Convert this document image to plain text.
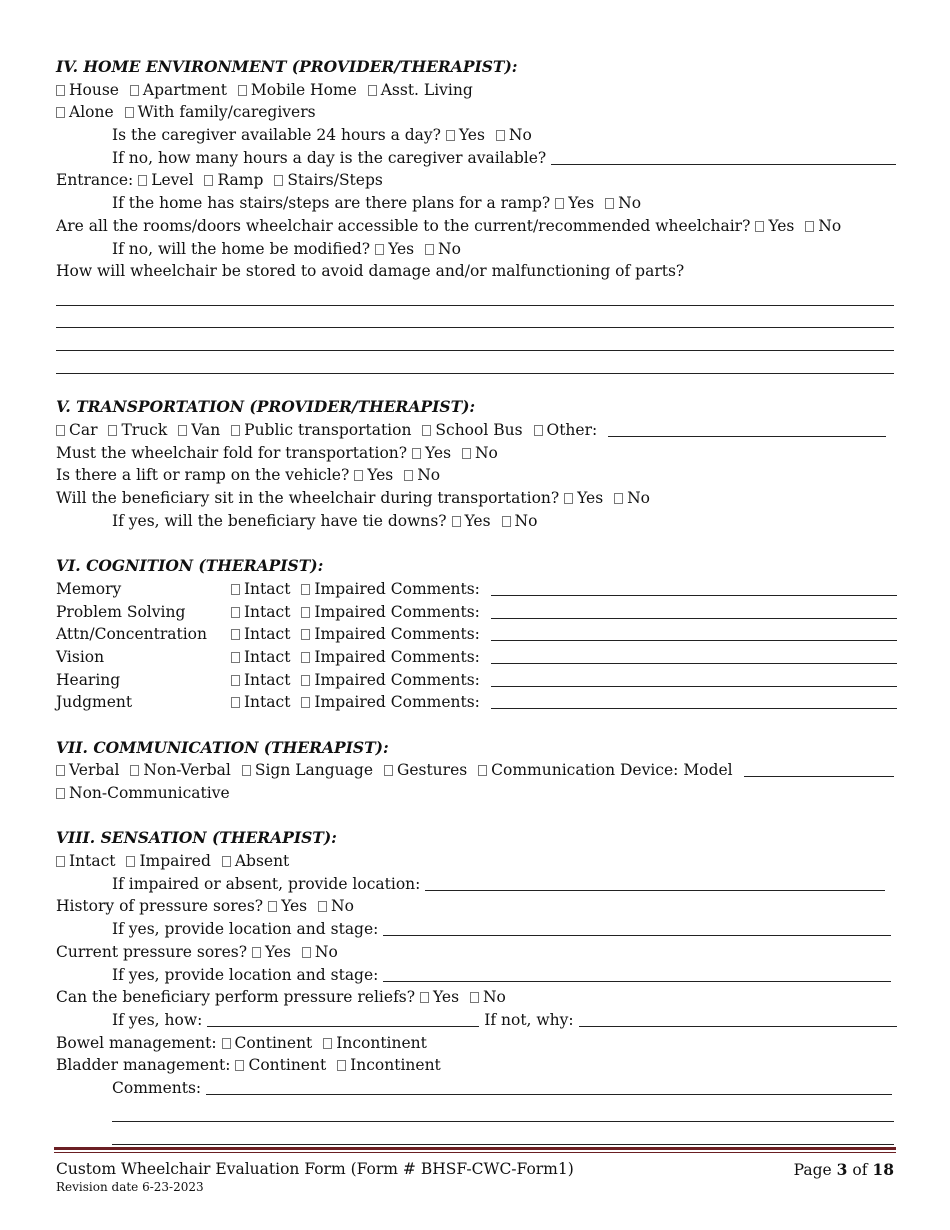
IV. HOME ENVIRONMENT (PROVIDER/THERAPIST):
House Apartment Mobile Home Asst. Living
Alone With family/caregivers
Is the caregiver available 24 hours a day? Yes No
If no, how many hours a day is the caregiver available?
Entrance: Level Ramp Stairs/Steps
If the home has stairs/steps are there plans for a ramp? Yes No
Are all the rooms/doors wheelchair accessible to the current/recommended wheelchair? Yes No
If no, will the home be modified? Yes No
How will wheelchair be stored to avoid damage and/or malfunctioning of parts?
V. TRANSPORTATION (PROVIDER/THERAPIST):
Car Truck Van Public transportation School Bus Other:
Must the wheelchair fold for transportation? Yes No
Is there a lift or ramp on the vehicle? Yes No
Will the beneficiary sit in the wheelchair during transportation? Yes No
If yes, will the beneficiary have tie downs? Yes No
VI. COGNITION (THERAPIST):
Memory	Intact Impaired Comments:
Problem Solving	Intact Impaired Comments:
Attn/Concentration Intact Impaired Comments:
Vision	Intact Impaired Comments:
Hearing	Intact Impaired Comments:
Judgment	Intact Impaired Comments:
VII. COMMUNICATION (THERAPIST):
Verbal Non-Verbal Sign Language Gestures Communication Device: Model
Non-Communicative
VIII. SENSATION (THERAPIST):
Intact Impaired Absent
If impaired or absent, provide location:
History of pressure sores? Yes No
If yes, provide location and stage:
Current pressure sores? Yes No
If yes, provide location and stage:
Can the beneficiary perform pressure reliefs? Yes No
If yes, how:	If not, why:
Bowel management: Continent Incontinent
Bladder management: Continent Incontinent
Comments:
Custom Wheelchair Evaluation Form (Form # BHSF-CWC-Form1)	Page 3 of 18
Revision date 6-23-2023
